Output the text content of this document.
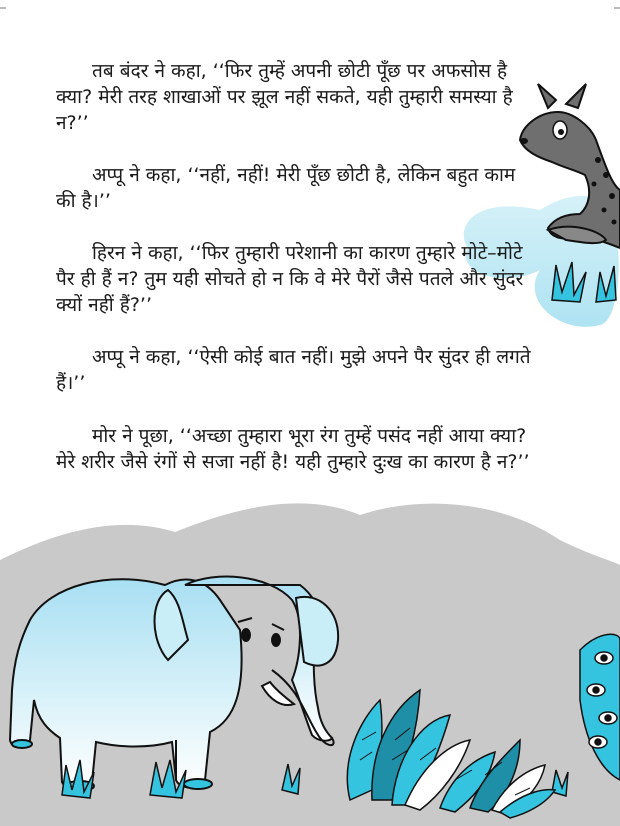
तब बंदर ने कहा, ‘‘फिर तुम्हें अपनी छोटी पूँछ पर अफसोस है क्या? मेरी तरह शाखाओं पर झूल नहीं सकते, यही तुम्हारी समस्या है न?’’

अप्पू ने कहा, ‘‘नहीं, नहीं! मेरी पूँछ छोटी है, लेकिन बहुत काम की है।’’

हिरन ने कहा, ‘‘फिर तुम्हारी परेशानी का कारण तुम्हारे मोटे–मोटे पैर ही हैं न? तुम यही सोचते हो न कि वे मेरे पैरों जैसे पतले और सुंदर क्यों नहीं हैं?’’

अप्पू ने कहा, ‘‘ऐसी कोई बात नहीं। मुझे अपने पैर सुंदर ही लगते हैं।’’

मोर ने पूछा, ‘‘अच्छा तुम्हारा भूरा रंग तुम्हें पसंद नहीं आया क्या? मेरे शरीर जैसे रंगों से सजा नहीं है! यही तुम्हारे दुःख का कारण है न?’’
